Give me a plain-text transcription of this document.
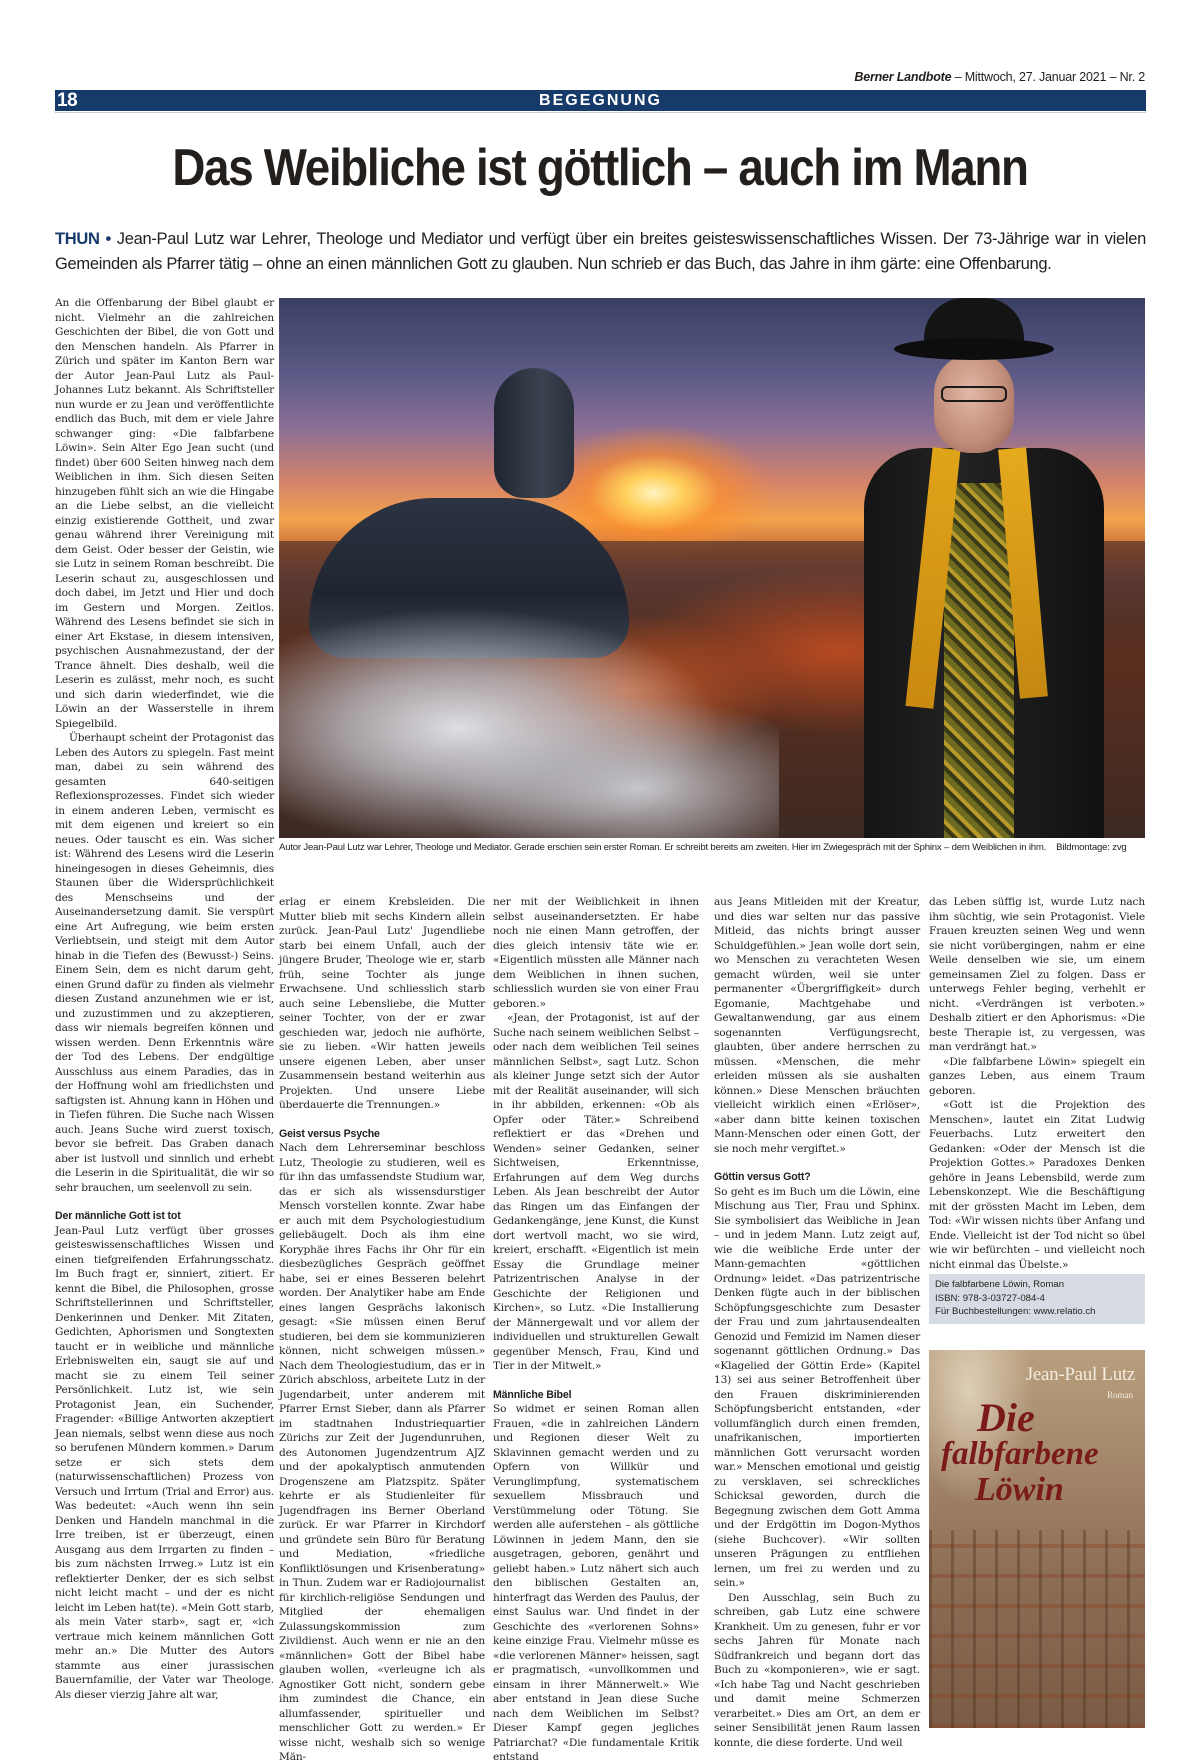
Berner Landbote – Mittwoch, 27. Januar 2021 – Nr. 2
18	BEGEGNUNG
Das Weibliche ist göttlich – auch im Mann
THUN • Jean-Paul Lutz war Lehrer, Theologe und Mediator und verfügt über ein breites geisteswissenschaftliches Wissen. Der 73-Jährige war in vielen Gemeinden als Pfarrer tätig – ohne an einen männlichen Gott zu glauben. Nun schrieb er das Buch, das Jahre in ihm gärte: eine Offenbarung.

An die Offenbarung der Bibel glaubt er nicht. Vielmehr an die zahlreichen Geschichten der Bibel, die von Gott und den Menschen handeln. Als Pfarrer in Zürich und später im Kanton Bern war der Autor Jean-Paul Lutz als Paul-Johannes Lutz bekannt. Als Schriftsteller nun wurde er zu Jean und veröffentlichte endlich das Buch, mit dem er viele Jahre schwanger ging: «Die falbfarbene Löwin». Sein Alter Ego Jean sucht (und findet) über 600 Seiten hinweg nach dem Weiblichen in ihm. Sich diesen Seiten hinzugeben fühlt sich an wie die Hingabe an die Liebe selbst, an die vielleicht einzig existierende Gottheit, und zwar genau während ihrer Vereinigung mit dem Geist. Oder besser der Geistin, wie sie Lutz in seinem Roman beschreibt. Die Leserin schaut zu, ausgeschlossen und doch dabei, im Jetzt und Hier und doch im Gestern und Morgen. Zeitlos. Während des Lesens befindet sie sich in einer Art Ekstase, in diesem intensiven, psychischen Ausnahmezustand, der der Trance ähnelt. Dies deshalb, weil die Leserin es zulässt, mehr noch, es sucht und sich darin wiederfindet, wie die Löwin an der Wasserstelle in ihrem Spiegelbild.

Überhaupt scheint der Protagonist das Leben des Autors zu spiegeln. Fast meint man, dabei zu sein während des gesamten 640-seitigen Reflexionsprozesses. Findet sich wieder in einem anderen Leben, vermischt es mit dem eigenen und kreiert so ein neues. Oder tauscht es ein. Was sicher ist: Während des Lesens wird die Leserin hineingesogen in dieses Geheimnis, dies Staunen über die Widersprüchlichkeit des Menschseins und der Auseinandersetzung damit. Sie verspürt eine Art Aufregung, wie beim ersten Verliebtsein, und steigt mit dem Autor hinab in die Tiefen des (Bewusst-) Seins. Einem Sein, dem es nicht darum geht, einen Grund dafür zu finden als vielmehr diesen Zustand anzunehmen wie er ist, und zuzustimmen und zu akzeptieren, dass wir niemals begreifen können und wissen werden. Denn Erkenntnis wäre der Tod des Lebens. Der endgültige Ausschluss aus einem Paradies, das in der Hoffnung wohl am friedlichsten und saftigsten ist. Ahnung kann in Höhen und in Tiefen führen. Die Suche nach Wissen auch. Jeans Suche wird zuerst toxisch, bevor sie befreit. Das Graben danach aber ist lustvoll und sinnlich und erhebt die Leserin in die Spiritualität, die wir so sehr brauchen, um seelenvoll zu sein.

Der männliche Gott ist tot

Jean-Paul Lutz verfügt über grosses geisteswissenschaftliches Wissen und einen tiefgreifenden Erfahrungsschatz. Im Buch fragt er, sinniert, zitiert. Er kennt die Bibel, die Philosophen, grosse Schriftstellerinnen und Schriftsteller, Denkerinnen und Denker. Mit Zitaten, Gedichten, Aphorismen und Songtexten taucht er in weibliche und männliche Erlebniswelten ein, saugt sie auf und macht sie zu einem Teil seiner Persönlichkeit. Lutz ist, wie sein Protagonist Jean, ein Suchender, Fragender: «Billige Antworten akzeptiert Jean niemals, selbst wenn diese aus noch so berufenen Mündern kommen.» Darum setze er sich stets dem (naturwissenschaftlichen) Prozess von Versuch und Irrtum (Trial and Error) aus. Was bedeutet: «Auch wenn ihn sein Denken und Handeln manchmal in die Irre treiben, ist er überzeugt, einen Ausgang aus dem Irrgarten zu finden – bis zum nächsten Irrweg.» Lutz ist ein reflektierter Denker, der es sich selbst nicht leicht macht – und der es nicht leicht im Leben hat(te). «Mein Gott starb, als mein Vater starb», sagt er, «ich vertraue mich keinem männlichen Gott mehr an.» Die Mutter des Autors stammte aus einer jurassischen Bauernfamilie, der Vater war Theologe. Als dieser vierzig Jahre alt war,

Autor Jean-Paul Lutz war Lehrer, Theologe und Mediator. Gerade erschien sein erster Roman. Er schreibt bereits am zweiten. Hier im Zwiegespräch mit der Sphinx – dem Weiblichen in ihm. Bildmontage: zvg

erlag er einem Krebsleiden. Die Mutter blieb mit sechs Kindern allein zurück. Jean-Paul Lutz' Jugendliebe starb bei einem Unfall, auch der jüngere Bruder, Theologe wie er, starb früh, seine Tochter als junge Erwachsene. Und schliesslich starb auch seine Lebensliebe, die Mutter seiner Tochter, von der er zwar geschieden war, jedoch nie aufhörte, sie zu lieben. «Wir hatten jeweils unsere eigenen Leben, aber unser Zusammensein bestand weiterhin aus Projekten. Und unsere Liebe überdauerte die Trennungen.»

Geist versus Psyche

Nach dem Lehrerseminar beschloss Lutz, Theologie zu studieren, weil es für ihn das umfassendste Studium war, das er sich als wissensdurstiger Mensch vorstellen konnte. Zwar habe er auch mit dem Psychologiestudium geliebäugelt. Doch als ihm eine Koryphäe ihres Fachs ihr Ohr für ein diesbezügliches Gespräch geöffnet habe, sei er eines Besseren belehrt worden. Der Analytiker habe am Ende eines langen Gesprächs lakonisch gesagt: «Sie müssen einen Beruf studieren, bei dem sie kommunizieren können, nicht schweigen müssen.» Nach dem Theologiestudium, das er in Zürich abschloss, arbeitete Lutz in der Jugendarbeit, unter anderem mit Pfarrer Ernst Sieber, dann als Pfarrer im stadtnahen Industriequartier Zürichs zur Zeit der Jugendunruhen, des Autonomen Jugendzentrum AJZ und der apokalyptisch anmutenden Drogenszene am Platzspitz. Später kehrte er als Studienleiter für Jugendfragen ins Berner Oberland zurück. Er war Pfarrer in Kirchdorf und gründete sein Büro für Beratung und Mediation, «friedliche Konfliktlösungen und Krisenberatung» in Thun. Zudem war er Radiojournalist für kirchlich-religiöse Sendungen und Mitglied der ehemaligen Zulassungskommission zum Zivildienst. Auch wenn er nie an den «männlichen» Gott der Bibel habe glauben wollen, «verleugne ich als Agnostiker Gott nicht, sondern gebe ihm zumindest die Chance, ein allumfassender, spiritueller und menschlicher Gott zu werden.» Er wisse nicht, weshalb sich so wenige Män-

ner mit der Weiblichkeit in ihnen selbst auseinandersetzten. Er habe noch nie einen Mann getroffen, der dies gleich intensiv täte wie er. «Eigentlich müssten alle Männer nach dem Weiblichen in ihnen suchen, schliesslich wurden sie von einer Frau geboren.»

«Jean, der Protagonist, ist auf der Suche nach seinem weiblichen Selbst – oder nach dem weiblichen Teil seines männlichen Selbst», sagt Lutz. Schon als kleiner Junge setzt sich der Autor mit der Realität auseinander, will sich in ihr abbilden, erkennen: «Ob als Opfer oder Täter.» Schreibend reflektiert er das «Drehen und Wenden» seiner Gedanken, seiner Sichtweisen, Erkenntnisse, Erfahrungen auf dem Weg durchs Leben. Als Jean beschreibt der Autor das Ringen um das Einfangen der Gedankengänge, jene Kunst, die Kunst dort wertvoll macht, wo sie wird, kreiert, erschafft. «Eigentlich ist mein Essay die Grundlage meiner Patrizentrischen Analyse in der Geschichte der Religionen und Kirchen», so Lutz. «Die Installierung der Männergewalt und vor allem der individuellen und strukturellen Gewalt gegenüber Mensch, Frau, Kind und Tier in der Mitwelt.»

Männliche Bibel

So widmet er seinen Roman allen Frauen, «die in zahlreichen Ländern und Regionen dieser Welt zu Sklavinnen gemacht werden und zu Opfern von Willkür und Verunglimpfung, systematischem sexuellem Missbrauch und Verstümmelung oder Tötung. Sie werden alle auferstehen – als göttliche Löwinnen in jedem Mann, den sie ausgetragen, geboren, genährt und geliebt haben.» Lutz nähert sich auch den biblischen Gestalten an, hinterfragt das Werden des Paulus, der einst Saulus war. Und findet in der Geschichte des «verlorenen Sohns» keine einzige Frau. Vielmehr müsse es «die verlorenen Männer» heissen, sagt er pragmatisch, «unvollkommen und einsam in ihrer Männerwelt.» Wie aber entstand in Jean diese Suche nach dem Weiblichen im Selbst? Dieser Kampf gegen jegliches Patriarchat? «Die fundamentale Kritik entstand

aus Jeans Mitleiden mit der Kreatur, und dies war selten nur das passive Mitleid, das nichts bringt ausser Schuldgefühlen.» Jean wolle dort sein, wo Menschen zu verachteten Wesen gemacht würden, weil sie unter permanenter «Übergriffigkeit» durch Egomanie, Machtgehabe und Gewaltanwendung, gar aus einem sogenannten Verfügungsrecht, glaubten, über andere herrschen zu müssen. «Menschen, die mehr erleiden müssen als sie aushalten können.» Diese Menschen bräuchten vielleicht wirklich einen «Erlöser», «aber dann bitte keinen toxischen Mann-Menschen oder einen Gott, der sie noch mehr vergiftet.»

Göttin versus Gott?

So geht es im Buch um die Löwin, eine Mischung aus Tier, Frau und Sphinx. Sie symbolisiert das Weibliche in Jean – und in jedem Mann. Lutz zeigt auf, wie die weibliche Erde unter der Mann-gemachten «göttlichen Ordnung» leidet. «Das patrizentrische Denken fügte auch in der biblischen Schöpfungsgeschichte zum Desaster der Frau und zum jahrtausendealten Genozid und Femizid im Namen dieser sogenannt göttlichen Ordnung.» Das «Klagelied der Göttin Erde» (Kapitel 13) sei aus seiner Betroffenheit über den Frauen diskriminierenden Schöpfungsbericht entstanden, «der vollumfänglich durch einen fremden, unafrikanischen, importierten männlichen Gott verursacht worden war.» Menschen emotional und geistig zu versklaven, sei schreckliches Schicksal geworden, durch die Begegnung zwischen dem Gott Amma und der Erdgöttin im Dogon-Mythos (siehe Buchcover). «Wir sollten unseren Prägungen zu entfliehen lernen, um frei zu werden und zu sein.»

Den Ausschlag, sein Buch zu schreiben, gab Lutz eine schwere Krankheit. Um zu genesen, fuhr er vor sechs Jahren für Monate nach Südfrankreich und begann dort das Buch zu «komponieren», wie er sagt. «Ich habe Tag und Nacht geschrieben und damit meine Schmerzen verarbeitet.» Dies am Ort, an dem er seiner Sensibilität jenen Raum lassen konnte, die diese forderte. Und weil

das Leben süffig ist, wurde Lutz nach ihm süchtig, wie sein Protagonist. Viele Frauen kreuzten seinen Weg und wenn sie nicht vorübergingen, nahm er eine Weile denselben wie sie, um einem gemeinsamen Ziel zu folgen. Dass er unterwegs Fehler beging, verhehlt er nicht. «Verdrängen ist verboten.» Deshalb zitiert er den Aphorismus: «Die beste Therapie ist, zu vergessen, was man verdrängt hat.»

«Die falbfarbene Löwin» spiegelt ein ganzes Leben, aus einem Traum geboren.

«Gott ist die Projektion des Menschen», lautet ein Zitat Ludwig Feuerbachs. Lutz erweitert den Gedanken: «Oder der Mensch ist die Projektion Gottes.» Paradoxes Denken gehöre in Jeans Lebensbild, werde zum Lebenskonzept. Wie die Beschäftigung mit der grössten Macht im Leben, dem Tod: «Wir wissen nichts über Anfang und Ende. Vielleicht ist der Tod nicht so übel wie wir befürchten – und vielleicht noch nicht einmal das Übelste.»

Die falbfarbene Löwin, Roman
ISBN: 978-3-03727-084-4
Für Buchbestellungen: www.relatio.ch
Jean-Paul Lutz
Roman
Die
falbfarbene
Löwin
